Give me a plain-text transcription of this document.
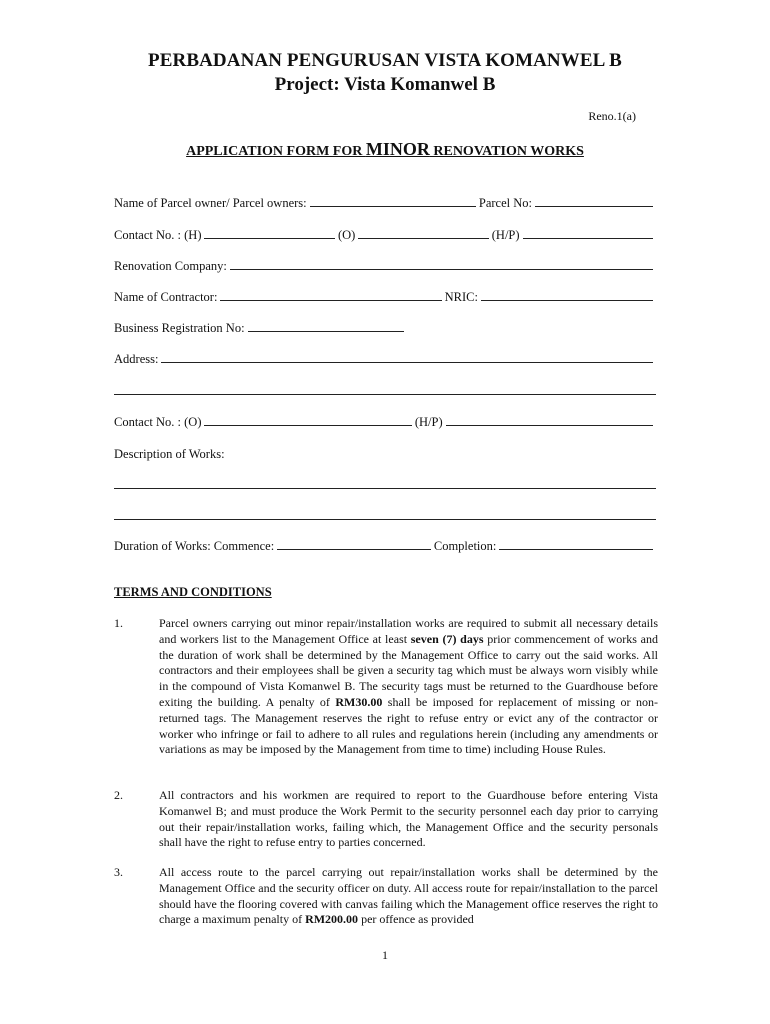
PERBADANAN PENGURUSAN VISTA KOMANWEL B
Project: Vista Komanwel B
Reno.1(a)
APPLICATION FORM FOR MINOR RENOVATION WORKS
Name of Parcel owner/ Parcel owners:	Parcel No:
Contact No. : (H)	(O)	(H/P)
Renovation Company:
Name of Contractor:	NRIC:
Business Registration No:
Address:
Contact No. : (O)	(H/P)
Description of Works:
Duration of Works: Commence:	Completion:
TERMS AND CONDITIONS
1.	Parcel owners carrying out minor repair/installation works are required to submit all necessary details and workers list to the Management Office at least seven (7) days prior commencement of works and the duration of work shall be determined by the Management Office to carry out the said works. All contractors and their employees shall be given a security tag which must be always worn visibly while in the compound of Vista Komanwel B. The security tags must be returned to the Guardhouse before exiting the building. A penalty of RM30.00 shall be imposed for replacement of missing or non-returned tags. The Management reserves the right to refuse entry or evict any of the contractor or worker who infringe or fail to adhere to all rules and regulations herein (including any amendments or variations as may be imposed by the Management from time to time) including House Rules.
2.	All contractors and his workmen are required to report to the Guardhouse before entering Vista Komanwel B; and must produce the Work Permit to the security personnel each day prior to carrying out their repair/installation works, failing which, the Management Office and the security personals shall have the right to refuse entry to parties concerned.
3.	All access route to the parcel carrying out repair/installation works shall be determined by the Management Office and the security officer on duty. All access route for repair/installation to the parcel should have the flooring covered with canvas failing which the Management office reserves the right to charge a maximum penalty of RM200.00 per offence as provided
1
